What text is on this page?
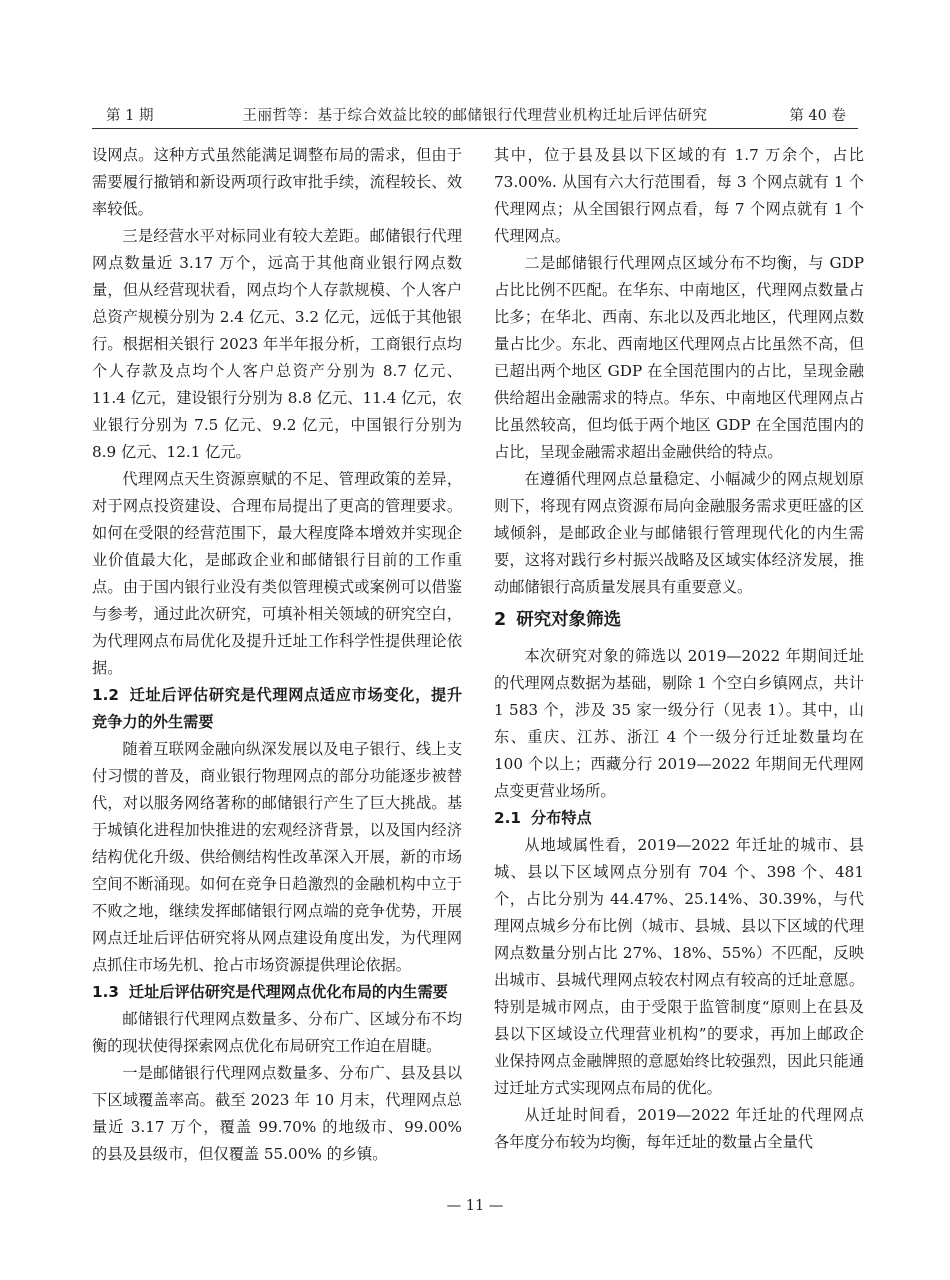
第 1 期	王丽哲等：基于综合效益比较的邮储银行代理营业机构迁址后评估研究	第 40 卷

设网点。这种方式虽然能满足调整布局的需求，但由于需要履行撤销和新设两项行政审批手续，流程较长、效率较低。

三是经营水平对标同业有较大差距。邮储银行代理网点数量近 3.17 万个，远高于其他商业银行网点数量，但从经营现状看，网点均个人存款规模、个人客户总资产规模分别为 2.4 亿元、3.2 亿元，远低于其他银行。根据相关银行 2023 年半年报分析，工商银行点均个人存款及点均个人客户总资产分别为 8.7 亿元、11.4 亿元，建设银行分别为 8.8 亿元、11.4 亿元，农业银行分别为 7.5 亿元、9.2 亿元，中国银行分别为 8.9 亿元、12.1 亿元。

代理网点天生资源禀赋的不足、管理政策的差异，对于网点投资建设、合理布局提出了更高的管理要求。如何在受限的经营范围下，最大程度降本增效并实现企业价值最大化，是邮政企业和邮储银行目前的工作重点。由于国内银行业没有类似管理模式或案例可以借鉴与参考，通过此次研究，可填补相关领域的研究空白，为代理网点布局优化及提升迁址工作科学性提供理论依据。

1.2 迁址后评估研究是代理网点适应市场变化，提升竞争力的外生需要

随着互联网金融向纵深发展以及电子银行、线上支付习惯的普及，商业银行物理网点的部分功能逐步被替代，对以服务网络著称的邮储银行产生了巨大挑战。基于城镇化进程加快推进的宏观经济背景，以及国内经济结构优化升级、供给侧结构性改革深入开展，新的市场空间不断涌现。如何在竞争日趋激烈的金融机构中立于不败之地，继续发挥邮储银行网点端的竞争优势，开展网点迁址后评估研究将从网点建设角度出发，为代理网点抓住市场先机、抢占市场资源提供理论依据。

1.3 迁址后评估研究是代理网点优化布局的内生需要

邮储银行代理网点数量多、分布广、区域分布不均衡的现状使得探索网点优化布局研究工作迫在眉睫。

一是邮储银行代理网点数量多、分布广、县及县以下区域覆盖率高。截至 2023 年 10 月末，代理网点总量近 3.17 万个，覆盖 99.70% 的地级市、99.00% 的县及县级市，但仅覆盖 55.00% 的乡镇。

其中，位于县及县以下区域的有 1.7 万余个，占比 73.00%. 从国有六大行范围看，每 3 个网点就有 1 个代理网点；从全国银行网点看，每 7 个网点就有 1 个代理网点。

二是邮储银行代理网点区域分布不均衡，与 GDP 占比比例不匹配。在华东、中南地区，代理网点数量占比多；在华北、西南、东北以及西北地区，代理网点数量占比少。东北、西南地区代理网点占比虽然不高，但已超出两个地区 GDP 在全国范围内的占比，呈现金融供给超出金融需求的特点。华东、中南地区代理网点占比虽然较高，但均低于两个地区 GDP 在全国范围内的占比，呈现金融需求超出金融供给的特点。

在遵循代理网点总量稳定、小幅减少的网点规划原则下，将现有网点资源布局向金融服务需求更旺盛的区域倾斜，是邮政企业与邮储银行管理现代化的内生需要，这将对践行乡村振兴战略及区域实体经济发展，推动邮储银行高质量发展具有重要意义。

2 研究对象筛选

本次研究对象的筛选以 2019—2022 年期间迁址的代理网点数据为基础，剔除 1 个空白乡镇网点，共计 1 583 个，涉及 35 家一级分行（见表 1）。其中，山东、重庆、江苏、浙江 4 个一级分行迁址数量均在 100 个以上；西藏分行 2019—2022 年期间无代理网点变更营业场所。

2.1 分布特点

从地域属性看，2019—2022 年迁址的城市、县城、县以下区域网点分别有 704 个、398 个、481 个，占比分别为 44.47%、25.14%、30.39%，与代理网点城乡分布比例（城市、县城、县以下区域的代理网点数量分别占比 27%、18%、55%）不匹配，反映出城市、县城代理网点较农村网点有较高的迁址意愿。特别是城市网点，由于受限于监管制度“原则上在县及县以下区域设立代理营业机构”的要求，再加上邮政企业保持网点金融牌照的意愿始终比较强烈，因此只能通过迁址方式实现网点布局的优化。

从迁址时间看，2019—2022 年迁址的代理网点各年度分布较为均衡，每年迁址的数量占全量代

— 11 —
